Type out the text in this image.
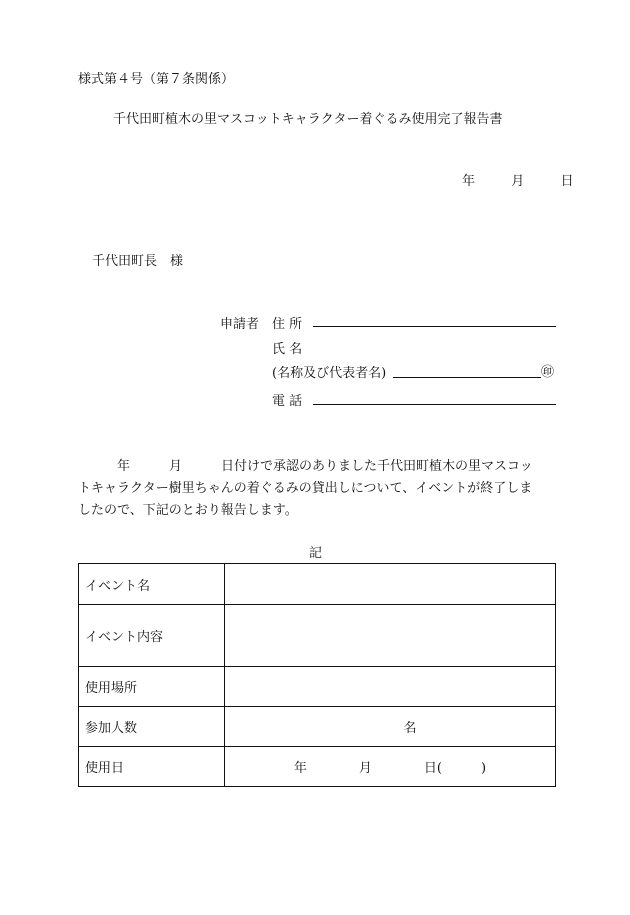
様式第４号（第７条関係）
千代田町植木の里マスコットキャラクター着ぐるみ使用完了報告書
年	月	日
千代田町長　様
申請者 住 所
氏 名
(名称及び代表者名)	㊞
電 話
　　　年　　　月　　　日付けで承認のありました千代田町植木の里マスコッ
トキャラクター樹里ちゃんの着ぐるみの貸出しについて、イベントが終了しま
したので、下記のとおり報告します。
記
イベント名	
イベント内容	
使用場所	
参加人数	名
使用日	年　　　　月　　　　日(　　　)
